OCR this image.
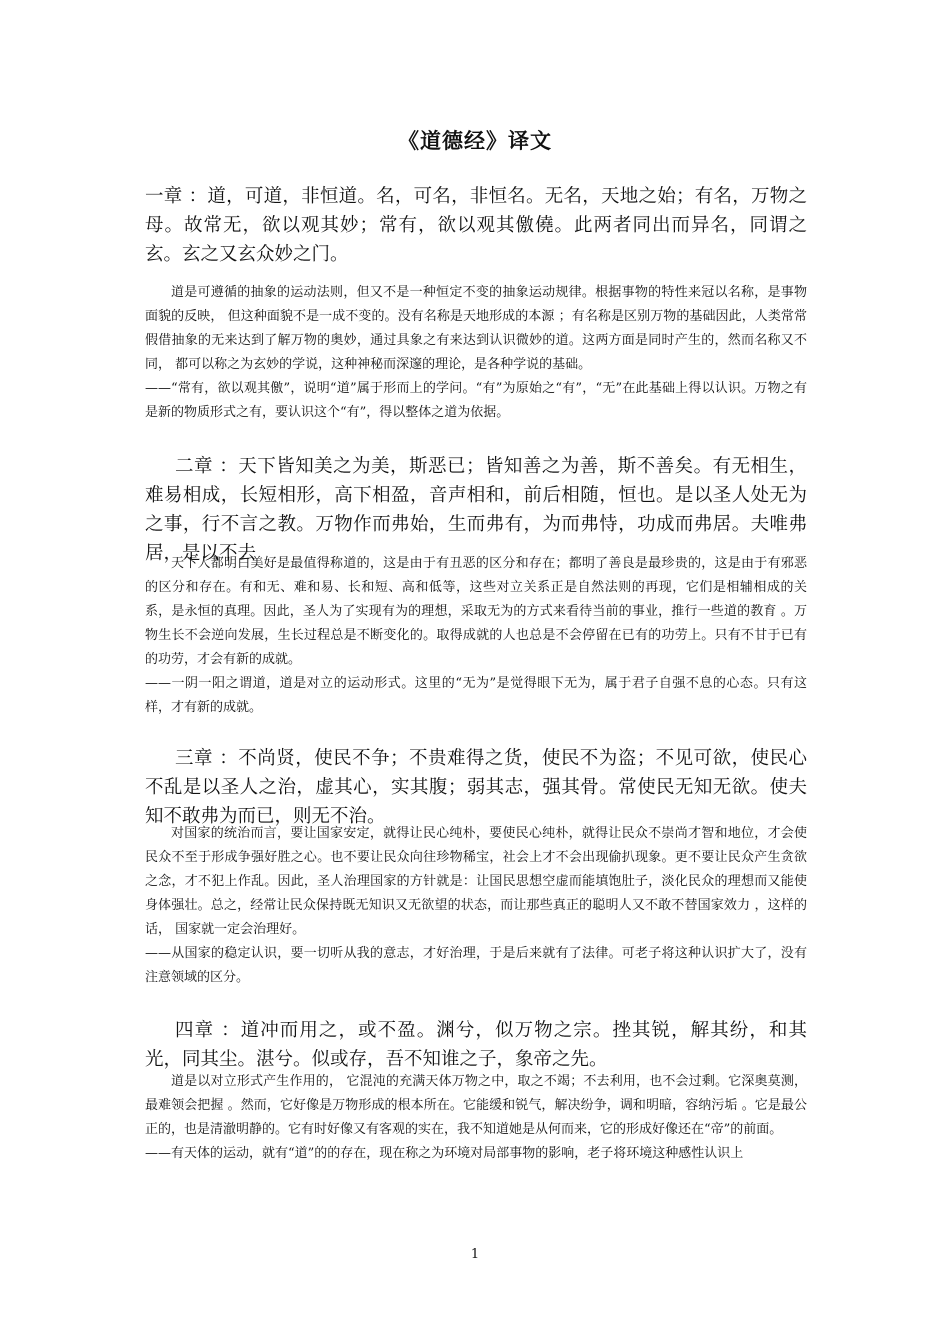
《道德经》译文
一章 ：道，可道，非恒道。名，可名，非恒名。无名，天地之始；有名，万物之母。故常无，欲以观其妙；常有，欲以观其儌僥。此两者同出而异名，同谓之玄。玄之又玄众妙之门。

道是可遵循的抽象的运动法则，但又不是一种恒定不变的抽象运动规律。根据事物的特性来冠以名称，是事物面貌的反映， 但这种面貌不是一成不变的。没有名称是天地形成的本源 ；有名称是区别万物的基础因此，人类常常假借抽象的无来达到了解万物的奥妙，通过具象之有来达到认识微妙的道。这两方面是同时产生的，然而名称又不同， 都可以称之为玄妙的学说，这种神秘而深邃的理论，是各种学说的基础。

——“常有，欲以观其儌”，说明“道”属于形而上的学问。“有”为原始之“有”，“无”在此基础上得以认识。万物之有是新的物质形式之有，要认识这个“有”，得以整体之道为依据。

二章 ：天下皆知美之为美，斯恶已；皆知善之为善，斯不善矣。有无相生，难易相成，长短相形，高下相盈，音声相和，前后相随，恒也。是以圣人处无为之事，行不言之教。万物作而弗始，生而弗有，为而弗恃，功成而弗居。夫唯弗居，是以不去

天下人都明白美好是最值得称道的，这是由于有丑恶的区分和存在；都明了善良是最珍贵的，这是由于有邪恶的区分和存在。有和无、难和易、长和短、高和低等，这些对立关系正是自然法则的再现，它们是相辅相成的关系，是永恒的真理。因此，圣人为了实现有为的理想，采取无为的方式来看待当前的事业，推行一些道的教育 。万物生长不会逆向发展，生长过程总是不断变化的。取得成就的人也总是不会停留在已有的功劳上。只有不甘于已有的功劳，才会有新的成就。

——一阴一阳之谓道，道是对立的运动形式。这里的“无为”是觉得眼下无为，属于君子自强不息的心态。只有这样，才有新的成就。

三章 ：不尚贤，使民不争；不贵难得之货，使民不为盗；不见可欲，使民心不乱是以圣人之治，虚其心，实其腹；弱其志，强其骨。常使民无知无欲。使夫知不敢弗为而已，则无不治。

对国家的统治而言，要让国家安定，就得让民心纯朴，要使民心纯朴，就得让民众不崇尚才智和地位，才会使民众不至于形成争强好胜之心。也不要让民众向往珍物稀宝，社会上才不会出现偷扒现象。更不要让民众产生贪欲之念，才不犯上作乱。因此，圣人治理国家的方针就是：让国民思想空虚而能填饱肚子，淡化民众的理想而又能使身体强壮。总之，经常让民众保持既无知识又无欲望的状态，而让那些真正的聪明人又不敢不替国家效力 ，这样的话， 国家就一定会治理好。

——从国家的稳定认识，要一切听从我的意志，才好治理，于是后来就有了法律。可老子将这种认识扩大了，没有注意领域的区分。

四章 ：道冲而用之，或不盈。渊兮，似万物之宗。挫其锐，解其纷，和其光，同其尘。湛兮。似或存，吾不知谁之子，象帝之先。

道是以对立形式产生作用的， 它混沌的充满天体万物之中，取之不竭；不去利用，也不会过剩。它深奥莫测，最难领会把握 。然而，它好像是万物形成的根本所在。它能缓和锐气，解决纷争，调和明暗，容纳污垢 。它是最公正的，也是清澈明静的。它有时好像又有客观的实在，我不知道她是从何而来，它的形成好像还在“帝”的前面。

——有天体的运动，就有“道”的的存在，现在称之为环境对局部事物的影响，老子将环境这种感性认识上

1
